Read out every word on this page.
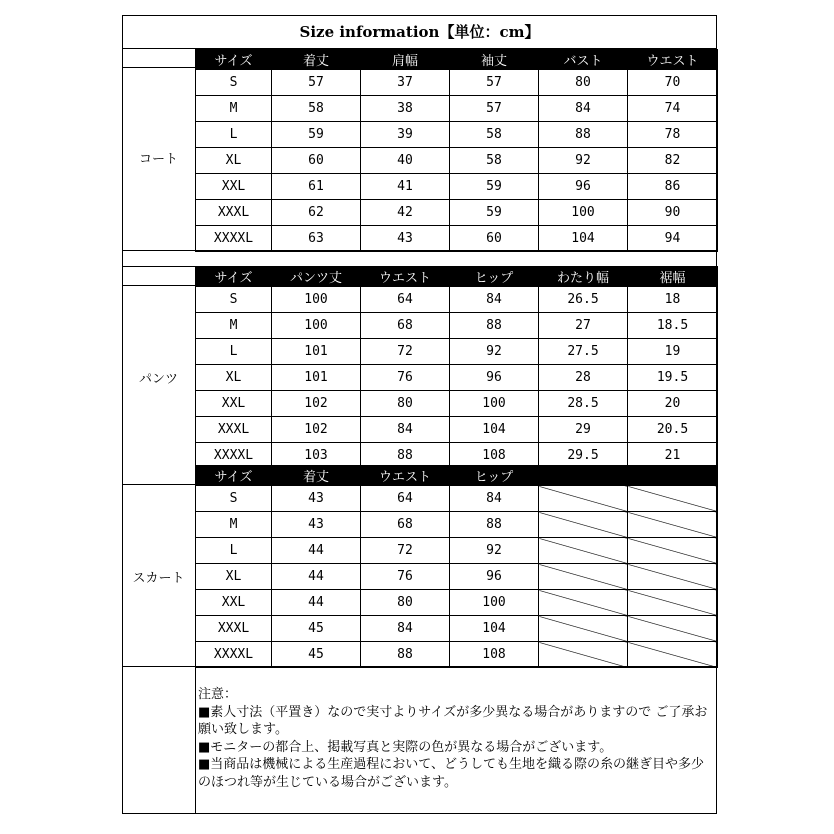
Size information【単位：cm】
コート
サイズ	着丈	肩幅	袖丈	バスト	ウエスト
S	57	37	57	80	70
M	58	38	57	84	74
L	59	39	58	88	78
XL	60	40	58	92	82
XXL	61	41	59	96	86
XXXL	62	42	59	100	90
XXXXL	63	43	60	104	94
パンツ
サイズ	パンツ丈	ウエスト	ヒップ	わたり幅	裾幅
S	100	64	84	26.5	18
M	100	68	88	27	18.5
L	101	72	92	27.5	19
XL	101	76	96	28	19.5
XXL	102	80	100	28.5	20
XXXL	102	84	104	29	20.5
XXXXL	103	88	108	29.5	21
スカート
サイズ	着丈	ウエスト	ヒップ		
S	43	64	84		
M	43	68	88		
L	44	72	92		
XL	44	76	96		
XXL	44	80	100		
XXXL	45	84	104		
XXXXL	45	88	108		
注意：
■素人寸法（平置き）なので実寸よりサイズが多少異なる場合がありますので ご了承お願い致します。
■モニターの都合上、掲載写真と実際の色が異なる場合がございます。
■当商品は機械による生産過程において、どうしても生地を織る際の糸の継ぎ目や多少のほつれ等が生じている場合がございます。
